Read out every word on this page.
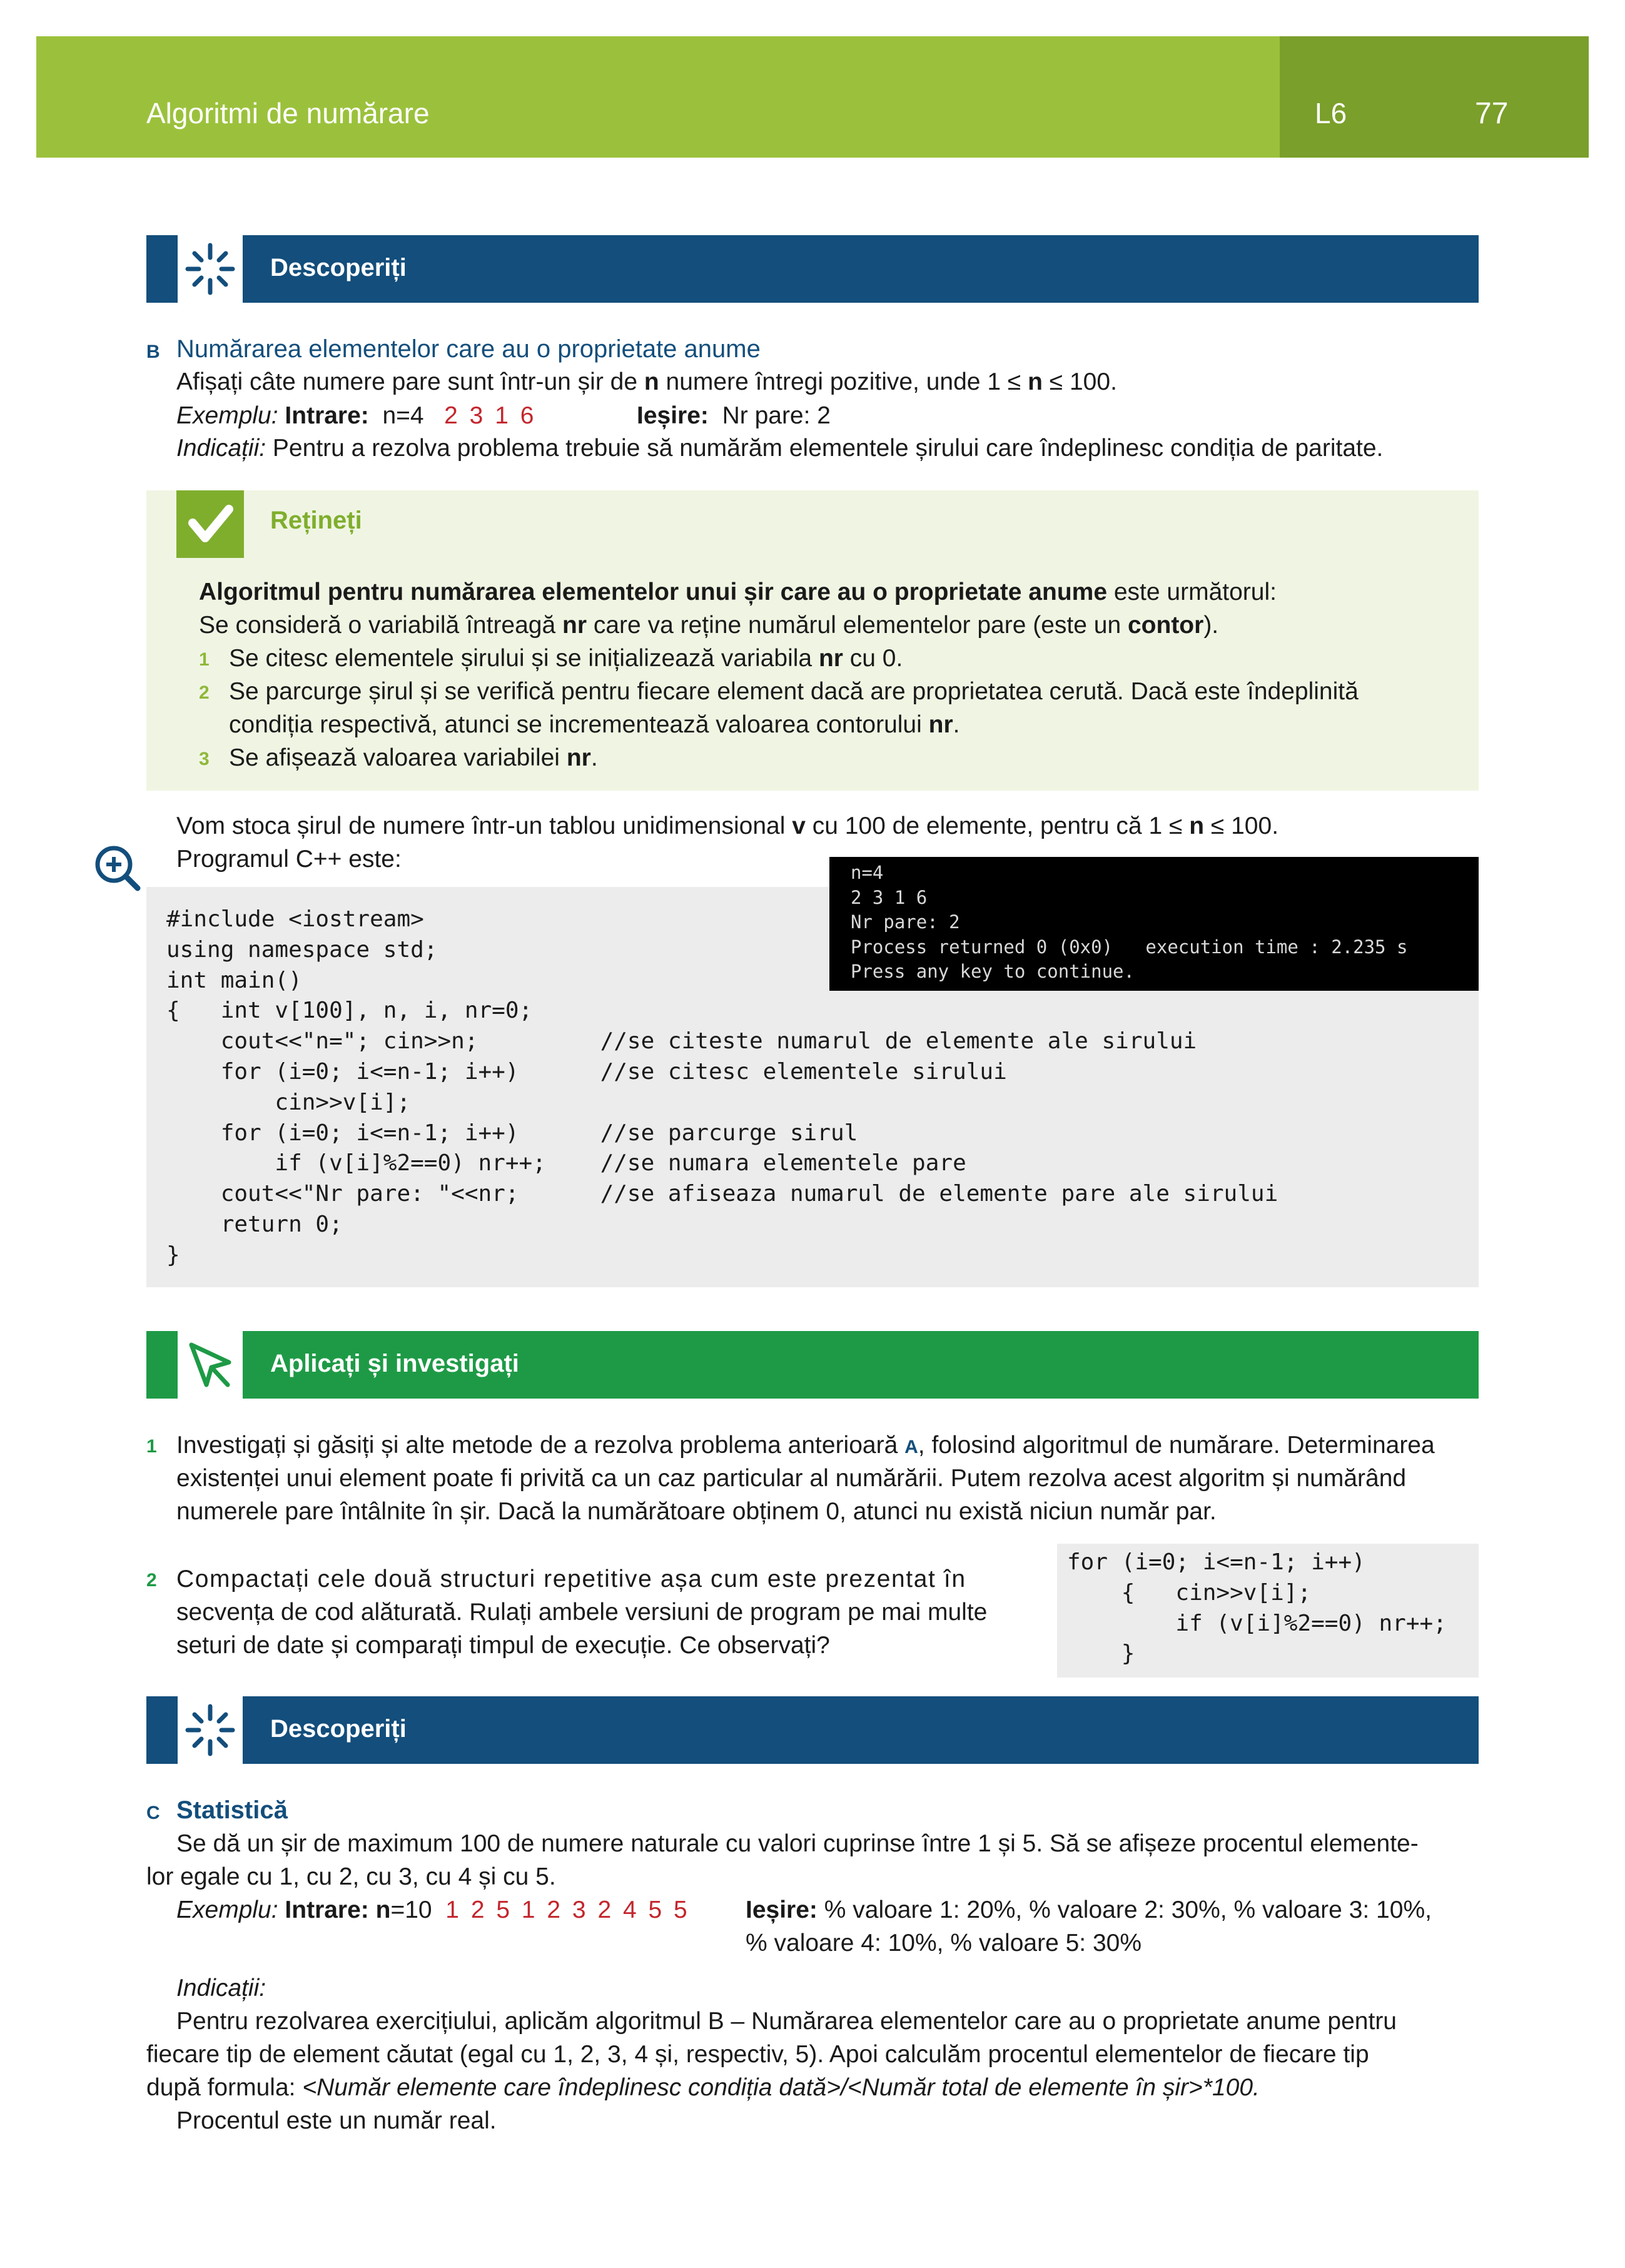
Algoritmi de numărare	L6	77
Descoperiți
B Numărarea elementelor care au o proprietate anume
Afișați câte numere pare sunt într-un șir de n numere întregi pozitive, unde 1 ≤ n ≤ 100.
Exemplu: Intrare: n=4 2 3 1 6	Ieșire: Nr pare: 2
Indicații: Pentru a rezolva problema trebuie să numărăm elementele șirului care îndeplinesc condiția de paritate.
Rețineți
Algoritmul pentru numărarea elementelor unui șir care au o proprietate anume este următorul:
Se consideră o variabilă întreagă nr care va reține numărul elementelor pare (este un contor).
1 Se citesc elementele șirului și se inițializează variabila nr cu 0.
2 Se parcurge șirul și se verifică pentru fiecare element dacă are proprietatea cerută. Dacă este îndeplinită
condiția respectivă, atunci se incrementează valoarea contorului nr.
3 Se afișează valoarea variabilei nr.
Vom stoca șirul de numere într-un tablou unidimensional v cu 100 de elemente, pentru că 1 ≤ n ≤ 100.
Programul C++ este:
#include <iostream>
using namespace std;
int main()
{   int v[100], n, i, nr=0;
cout<<"n="; cin>>n;         //se citeste numarul de elemente ale sirului
for (i=0; i<=n-1; i++)      //se citesc elementele sirului
cin>>v[i];
for (i=0; i<=n-1; i++)      //se parcurge sirul
if (v[i]%2==0) nr++;    //se numara elementele pare
cout<<"Nr pare: "<<nr;      //se afiseaza numarul de elemente pare ale sirului
return 0;
}
n=4
2 3 1 6
Nr pare: 2
Process returned 0 (0x0)   execution time : 2.235 s
Press any key to continue.
Aplicați și investigați
1 Investigați și găsiți și alte metode de a rezolva problema anterioară A, folosind algoritmul de numărare. Determinarea
existenței unui element poate fi privită ca un caz particular al numărării. Putem rezolva acest algoritm și numărând
numerele pare întâlnite în șir. Dacă la numărătoare obținem 0, atunci nu există niciun număr par.
2 Compactați cele două structuri repetitive așa cum este prezentat în
secvența de cod alăturată. Rulați ambele versiuni de program pe mai multe
seturi de date și comparați timpul de execuție. Ce observați?
for (i=0; i<=n-1; i++)
{   cin>>v[i];
if (v[i]%2==0) nr++;
}
Descoperiți
C Statistică
Se dă un șir de maximum 100 de numere naturale cu valori cuprinse între 1 și 5. Să se afișeze procentul elemente-
lor egale cu 1, cu 2, cu 3, cu 4 și cu 5.
Exemplu: Intrare: n=10 1 2 5 1 2 3 2 4 5 5 Ieșire: % valoare 1: 20%, % valoare 2: 30%, % valoare 3: 10%,
% valoare 4: 10%, % valoare 5: 30%
Indicații:
Pentru rezolvarea exercițiului, aplicăm algoritmul B – Numărarea elementelor care au o proprietate anume pentru
fiecare tip de element căutat (egal cu 1, 2, 3, 4 și, respectiv, 5). Apoi calculăm procentul elementelor de fiecare tip
după formula: <Număr elemente care îndeplinesc condiția dată>/<Număr total de elemente în șir>*100.
Procentul este un număr real.
